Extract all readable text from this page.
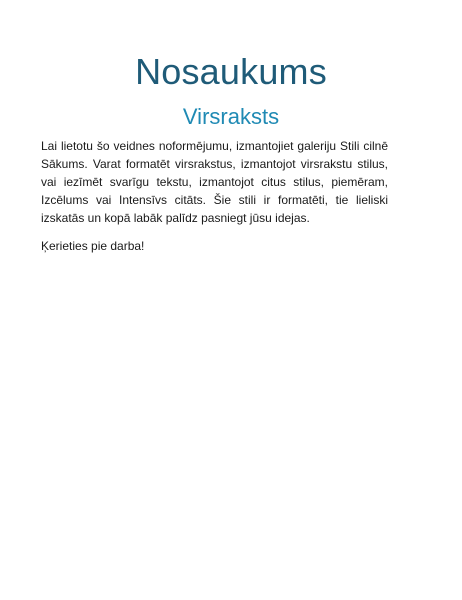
Nosaukums
Virsraksts

Lai lietotu šo veidnes noformējumu, izmantojiet galeriju Stili cilnē Sākums. Varat formatēt virsrakstus, izmantojot virsrakstu stilus, vai iezīmēt svarīgu tekstu, izmantojot citus stilus, piemēram, Izcēlums vai Intensīvs citāts. Šie stili ir formatēti, tie lieliski izskatās un kopā labāk palīdz pasniegt jūsu idejas.

Ķerieties pie darba!
